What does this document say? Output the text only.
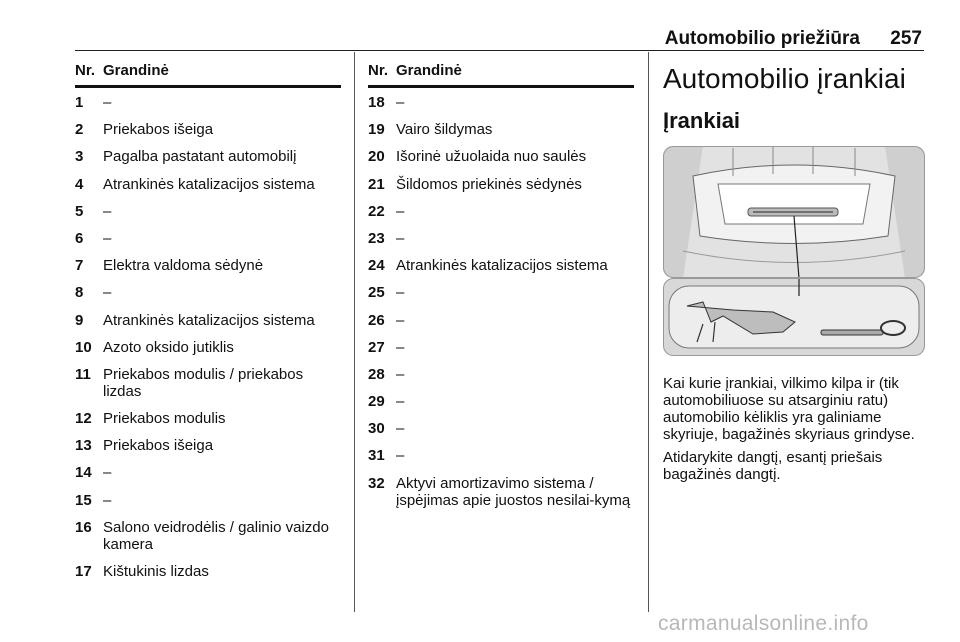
Automobilio priežiūra 257
Nr. Grandinė
1	–
2	Priekabos išeiga
3	Pagalba pastatant automobilį
4	Atrankinės katalizacijos sistema
5	–
6	–
7	Elektra valdoma sėdynė
8	–
9	Atrankinės katalizacijos sistema
10 Azoto oksido jutiklis
11 Priekabos modulis / priekabos lizdas
12 Priekabos modulis
13 Priekabos išeiga
14 –
15 –
16 Salono veidrodėlis / galinio vaizdo kamera
17 Kištukinis lizdas
Nr. Grandinė
18 –
19 Vairo šildymas
20 Išorinė užuolaida nuo saulės
21 Šildomos priekinės sėdynės
22 –
23 –
24 Atrankinės katalizacijos sistema
25 –
26 –
27 –
28 –
29 –
30 –
31 –
32 Aktyvi amortizavimo sistema / įspėjimas apie juostos nesilai-kymą
Automobilio įrankiai
Įrankiai

Kai kurie įrankiai, vilkimo kilpa ir (tik automobiliuose su atsarginiu ratu) automobilio kėliklis yra galiniame skyriuje, bagažinės skyriaus grindyse.

Atidarykite dangtį, esantį priešais bagažinės dangtį.

carmanualsonline.info
